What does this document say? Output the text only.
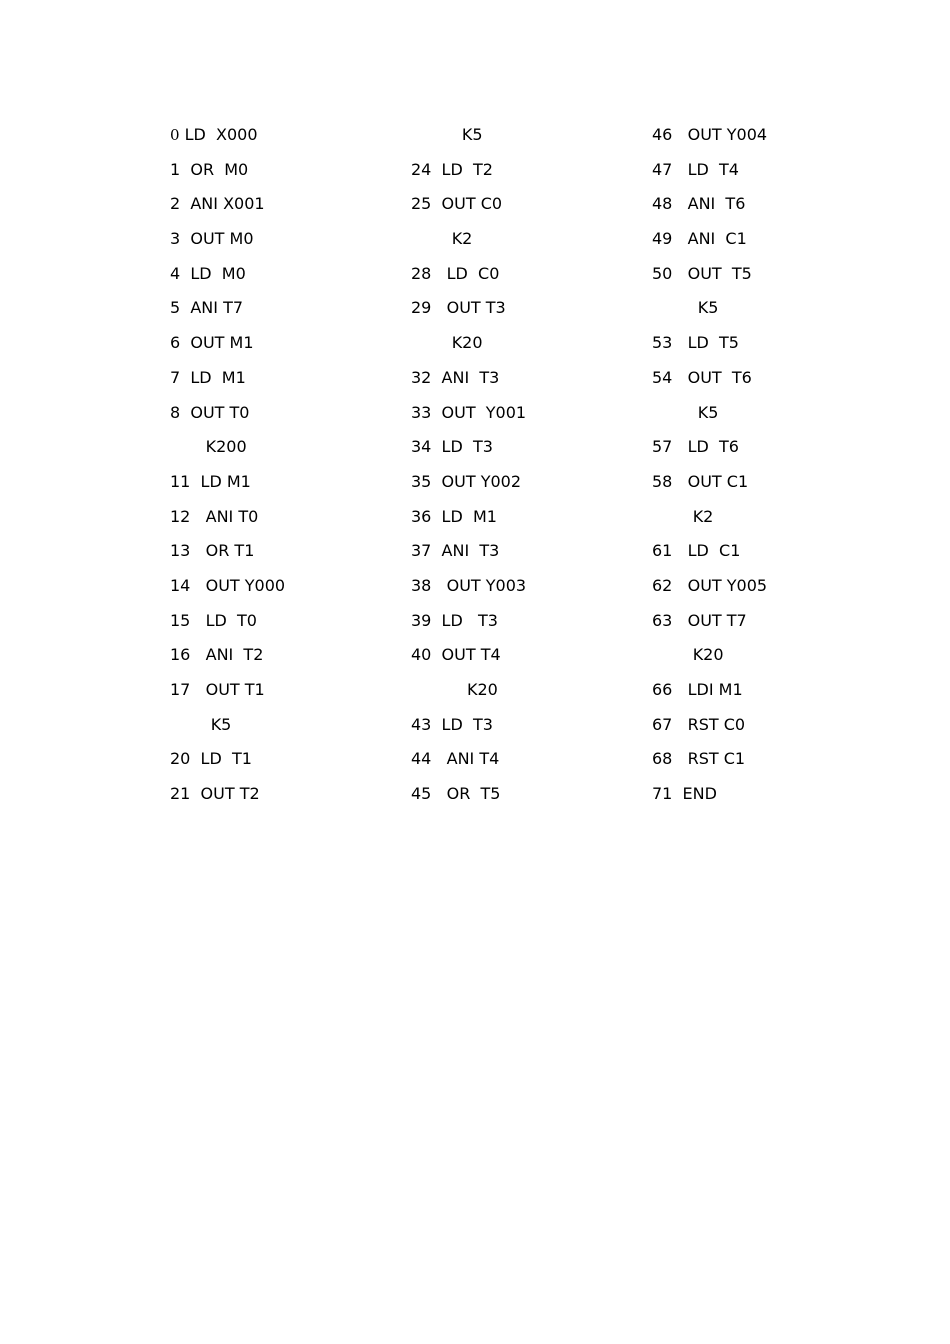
0 LD  X000
1  OR  M0
2  ANI X001
3  OUT M0
4  LD  M0
5  ANI T7
6  OUT M1
7  LD  M1
8  OUT T0
K200
11  LD M1
12   ANI T0
13   OR T1
14   OUT Y000
15   LD  T0
16   ANI  T2
17   OUT T1
K5
20  LD  T1
21  OUT T2
K5
24  LD  T2
25  OUT C0
K2
28   LD  C0
29   OUT T3
K20
32  ANI  T3
33  OUT  Y001
34  LD  T3
35  OUT Y002
36  LD  M1
37  ANI  T3
38   OUT Y003
39  LD   T3
40  OUT T4
K20
43  LD  T3
44   ANI T4
45   OR  T5
46   OUT Y004
47   LD  T4
48   ANI  T6
49   ANI  C1
50   OUT  T5
K5
53   LD  T5
54   OUT  T6
K5
57   LD  T6
58   OUT C1
K2
61   LD  C1
62   OUT Y005
63   OUT T7
K20
66   LDI M1
67   RST C0
68   RST C1
71  END
